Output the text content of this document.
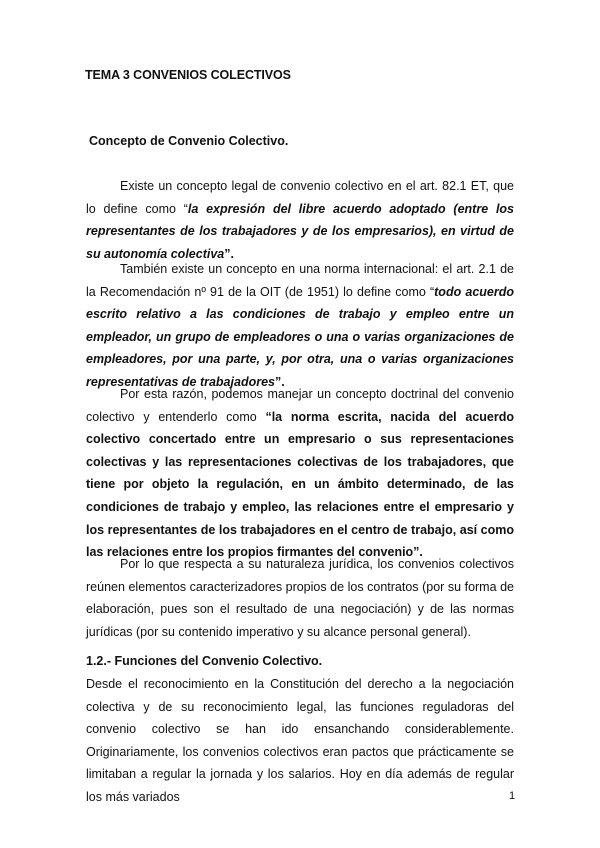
TEMA 3 CONVENIOS COLECTIVOS
Concepto de Convenio Colectivo.

Existe un concepto legal de convenio colectivo en el art. 82.1 ET, que lo define como “la expresión del libre acuerdo adoptado (entre los representantes de los trabajadores y de los empresarios), en virtud de su autonomía colectiva”.

También existe un concepto en una norma internacional: el art. 2.1 de la Recomendación nº 91 de la OIT (de 1951) lo define como “todo acuerdo escrito relativo a las condiciones de trabajo y empleo entre un empleador, un grupo de empleadores o una o varias organizaciones de empleadores, por una parte, y, por otra, una o varias organizaciones representativas de trabajadores”.

Por esta razón, podemos manejar un concepto doctrinal del convenio colectivo y entenderlo como “la norma escrita, nacida del acuerdo colectivo concertado entre un empresario o sus representaciones colectivas y las representaciones colectivas de los trabajadores, que tiene por objeto la regulación, en un ámbito determinado, de las condiciones de trabajo y empleo, las relaciones entre el empresario y los representantes de los trabajadores en el centro de trabajo, así como las relaciones entre los propios firmantes del convenio”.

Por lo que respecta a su naturaleza jurídica, los convenios colectivos reúnen elementos caracterizadores propios de los contratos (por su forma de elaboración, pues son el resultado de una negociación) y de las normas jurídicas (por su contenido imperativo y su alcance personal general).

1.2.- Funciones del Convenio Colectivo.

Desde el reconocimiento en la Constitución del derecho a la negociación colectiva y de su reconocimiento legal, las funciones reguladoras del convenio colectivo se han ido ensanchando considerablemente. Originariamente, los convenios colectivos eran pactos que prácticamente se limitaban a regular la jornada y los salarios. Hoy en día además de regular los más variados	1
